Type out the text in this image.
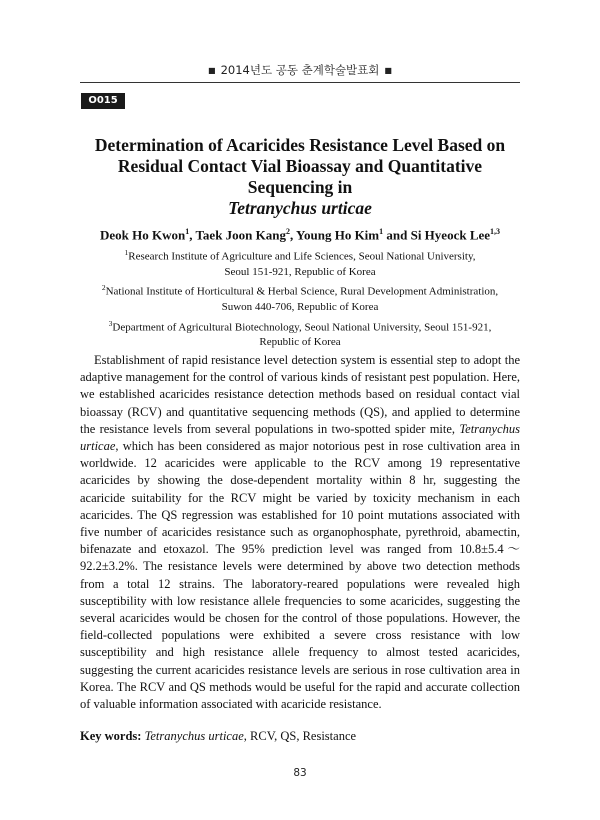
■ 2014년도 공동 춘계학술발표회 ■
O015
Determination of Acaricides Resistance Level Based on
Residual Contact Vial Bioassay and Quantitative Sequencing in
Tetranychus urticae
Deok Ho Kwon$^1$, Taek Joon Kang$^2$, Young Ho Kim$^1$ and Si Hyeock Lee$^{1,3}$
$^1$Research Institute of Agriculture and Life Sciences, Seoul National University,
Seoul 151-921, Republic of Korea
$^2$National Institute of Horticultural & Herbal Science, Rural Development Administration,
Suwon 440-706, Republic of Korea
$^3$Department of Agricultural Biotechnology, Seoul National University, Seoul 151-921,
Republic of Korea

Establishment of rapid resistance level detection system is essential step to adopt the adaptive management for the control of various kinds of resistant pest population. Here, we established acaricides resistance detection methods based on residual contact vial bioassay (RCV) and quantitative sequencing methods (QS), and applied to determine the resistance levels from several populations in two-spotted spider mite, Tetranychus urticae, which has been considered as major notorious pest in rose cultivation area in worldwide. 12 acaricides were applicable to the RCV among 19 representative acaricides by showing the dose-dependent mortality within 8 hr, suggesting the acaricide suitability for the RCV might be varied by toxicity mechanism in each acaricides. The QS regression was established for 10 point mutations associated with five number of acaricides resistance such as organophosphate, pyrethroid, abamectin, bifenazate and etoxazol. The 95% prediction level was ranged from 10.8±5.4～92.2±3.2%. The resistance levels were determined by above two detection methods from a total 12 strains. The laboratory-reared populations were revealed high susceptibility with low resistance allele frequencies to some acaricides, suggesting the several acaricides would be chosen for the control of those populations. However, the field-collected populations were exhibited a severe cross resistance with low susceptibility and high resistance allele frequency to almost tested acaricides, suggesting the current acaricides resistance levels are serious in rose cultivation area in Korea. The RCV and QS methods would be useful for the rapid and accurate collection of valuable information associated with acaricide resistance.

Key words: Tetranychus urticae, RCV, QS, Resistance
83
